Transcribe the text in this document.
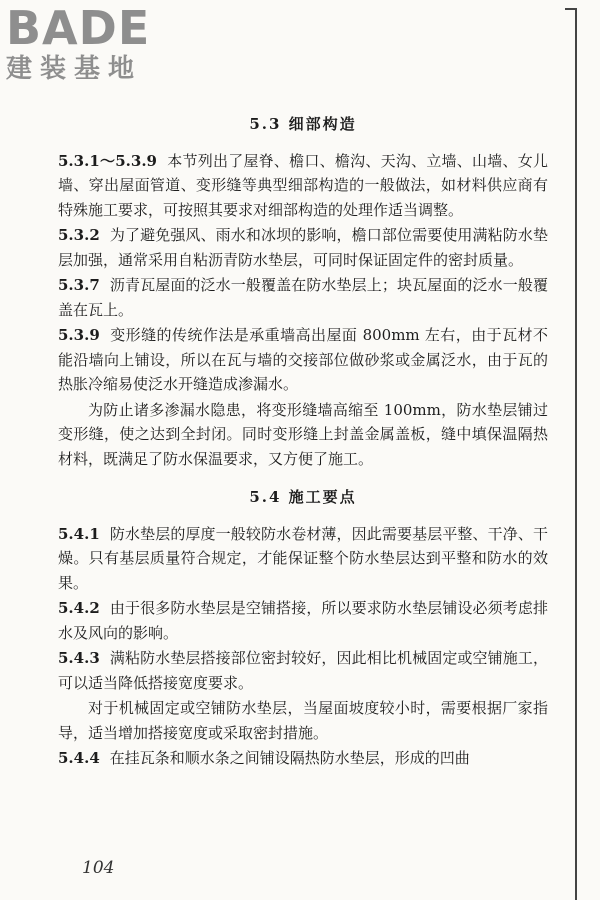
BADE
建装基地
5.3 细部构造

5.3.1～5.3.9 本节列出了屋脊、檐口、檐沟、天沟、立墙、山墙、女儿墙、穿出屋面管道、变形缝等典型细部构造的一般做法，如材料供应商有特殊施工要求，可按照其要求对细部构造的处理作适当调整。

5.3.2 为了避免强风、雨水和冰坝的影响，檐口部位需要使用满粘防水垫层加强，通常采用自粘沥青防水垫层，可同时保证固定件的密封质量。

5.3.7 沥青瓦屋面的泛水一般覆盖在防水垫层上；块瓦屋面的泛水一般覆盖在瓦上。

5.3.9 变形缝的传统作法是承重墙高出屋面 800mm 左右，由于瓦材不能沿墙向上铺设，所以在瓦与墙的交接部位做砂浆或金属泛水，由于瓦的热胀冷缩易使泛水开缝造成渗漏水。

为防止诸多渗漏水隐患，将变形缝墙高缩至 100mm，防水垫层铺过变形缝，使之达到全封闭。同时变形缝上封盖金属盖板，缝中填保温隔热材料，既满足了防水保温要求，又方便了施工。

5.4 施工要点

5.4.1 防水垫层的厚度一般较防水卷材薄，因此需要基层平整、干净、干燥。只有基层质量符合规定，才能保证整个防水垫层达到平整和防水的效果。

5.4.2 由于很多防水垫层是空铺搭接，所以要求防水垫层铺设必须考虑排水及风向的影响。

5.4.3 满粘防水垫层搭接部位密封较好，因此相比机械固定或空铺施工，可以适当降低搭接宽度要求。

对于机械固定或空铺防水垫层，当屋面坡度较小时，需要根据厂家指导，适当增加搭接宽度或采取密封措施。

5.4.4 在挂瓦条和顺水条之间铺设隔热防水垫层，形成的凹曲

104
